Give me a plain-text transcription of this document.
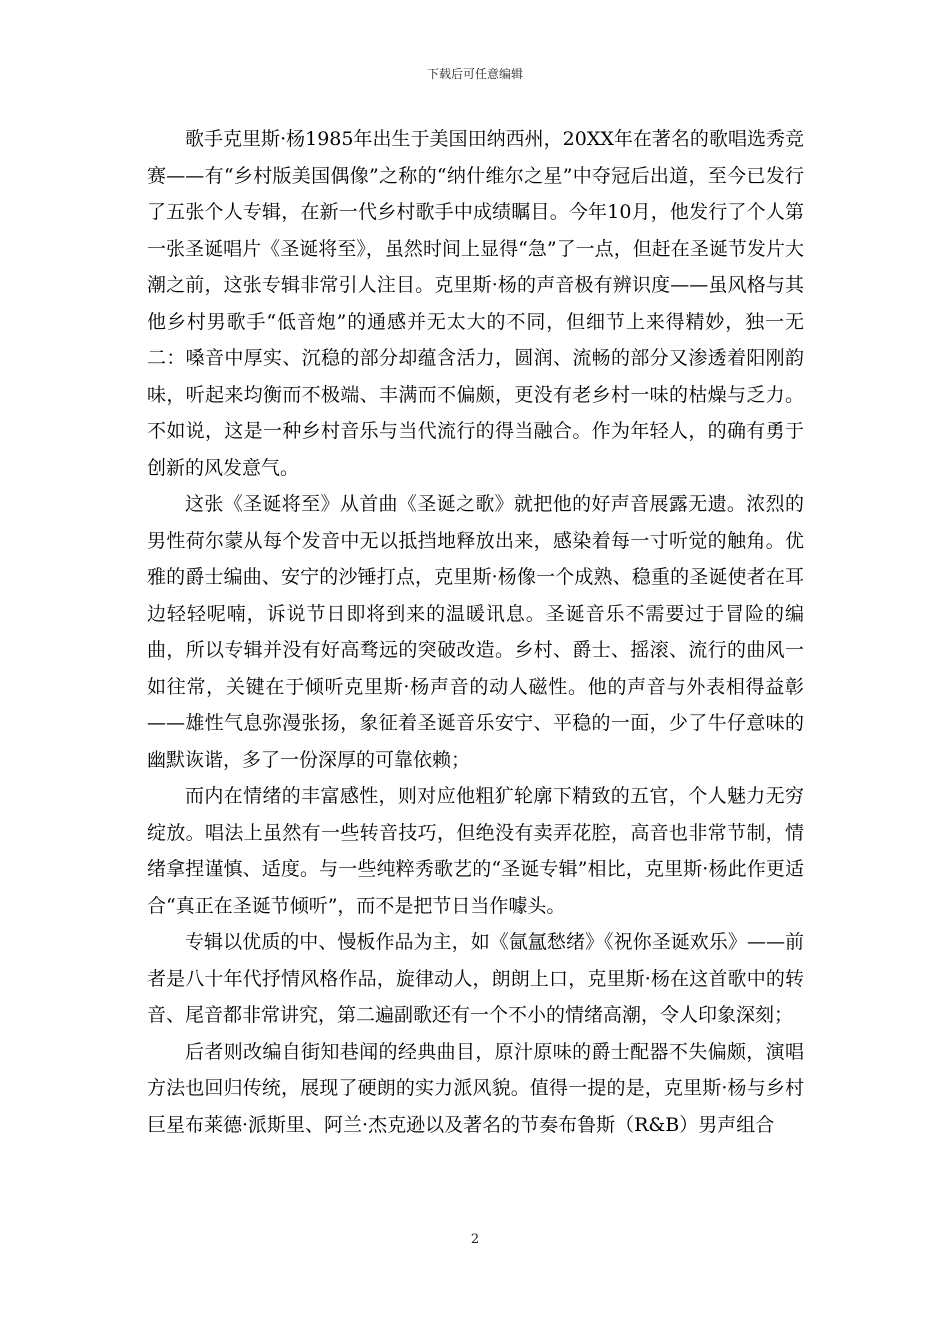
下载后可任意编辑

歌手克里斯·杨1985年出生于美国田纳西州，20XX年在著名的歌唱选秀竞赛——有“乡村版美国偶像”之称的“纳什维尔之星”中夺冠后出道，至今已发行了五张个人专辑，在新一代乡村歌手中成绩瞩目。今年10月，他发行了个人第一张圣诞唱片《圣诞将至》，虽然时间上显得“急”了一点，但赶在圣诞节发片大潮之前，这张专辑非常引人注目。克里斯·杨的声音极有辨识度——虽风格与其他乡村男歌手“低音炮”的通感并无太大的不同，但细节上来得精妙，独一无二：嗓音中厚实、沉稳的部分却蕴含活力，圆润、流畅的部分又渗透着阳刚韵味，听起来均衡而不极端、丰满而不偏颇，更没有老乡村一味的枯燥与乏力。不如说，这是一种乡村音乐与当代流行的得当融合。作为年轻人，的确有勇于创新的风发意气。

这张《圣诞将至》从首曲《圣诞之歌》就把他的好声音展露无遗。浓烈的男性荷尔蒙从每个发音中无以抵挡地释放出来，感染着每一寸听觉的触角。优雅的爵士编曲、安宁的沙锤打点，克里斯·杨像一个成熟、稳重的圣诞使者在耳边轻轻呢喃，诉说节日即将到来的温暖讯息。圣诞音乐不需要过于冒险的编曲，所以专辑并没有好高骛远的突破改造。乡村、爵士、摇滚、流行的曲风一如往常，关键在于倾听克里斯·杨声音的动人磁性。他的声音与外表相得益彰——雄性气息弥漫张扬，象征着圣诞音乐安宁、平稳的一面，少了牛仔意味的幽默诙谐，多了一份深厚的可靠依赖；

而内在情绪的丰富感性，则对应他粗犷轮廓下精致的五官，个人魅力无穷绽放。唱法上虽然有一些转音技巧，但绝没有卖弄花腔，高音也非常节制，情绪拿捏谨慎、适度。与一些纯粹秀歌艺的“圣诞专辑”相比，克里斯·杨此作更适合“真正在圣诞节倾听”，而不是把节日当作噱头。

专辑以优质的中、慢板作品为主，如《氤氲愁绪》《祝你圣诞欢乐》——前者是八十年代抒情风格作品，旋律动人，朗朗上口，克里斯·杨在这首歌中的转音、尾音都非常讲究，第二遍副歌还有一个不小的情绪高潮，令人印象深刻；

后者则改编自街知巷闻的经典曲目，原汁原味的爵士配器不失偏颇，演唱方法也回归传统，展现了硬朗的实力派风貌。值得一提的是，克里斯·杨与乡村巨星布莱德·派斯里、阿兰·杰克逊以及著名的节奏布鲁斯（R&B）男声组合

2
